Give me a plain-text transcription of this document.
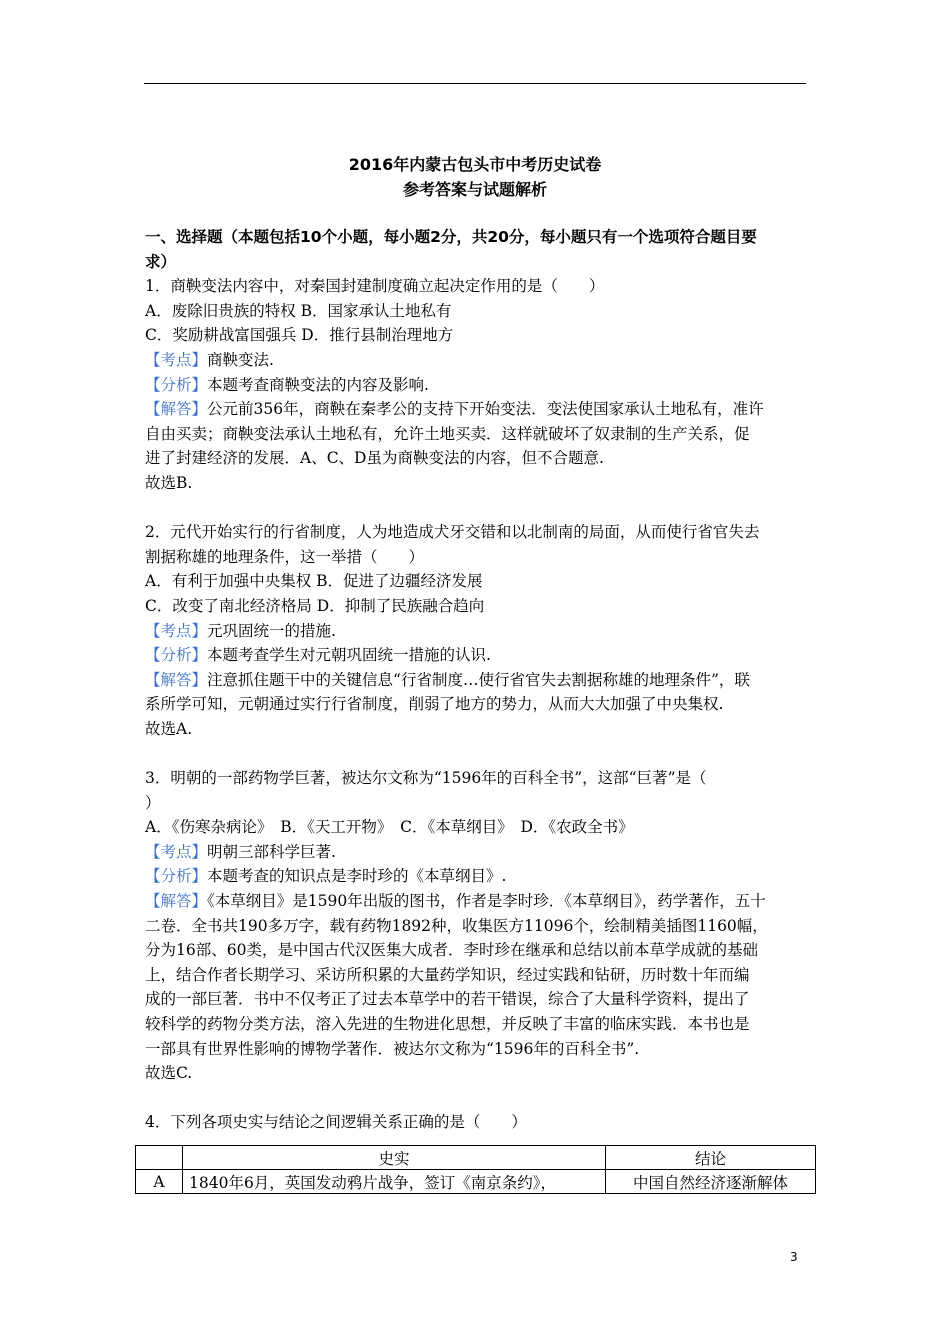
2016年内蒙古包头市中考历史试卷
参考答案与试题解析

一、选择题（本题包括10个小题，每小题2分，共20分，每小题只有一个选项符合题目要

求）

1．商鞅变法内容中，对秦国封建制度确立起决定作用的是（　　）

A．废除旧贵族的特权 B．国家承认土地私有

C．奖励耕战富国强兵 D．推行县制治理地方

【考点】商鞅变法.

【分析】本题考查商鞅变法的内容及影响.

【解答】公元前356年，商鞅在秦孝公的支持下开始变法．变法使国家承认土地私有，准许

自由买卖；商鞅变法承认土地私有，允许土地买卖．这样就破坏了奴隶制的生产关系，促

进了封建经济的发展．A、C、D虽为商鞅变法的内容，但不合题意.

故选B.

2．元代开始实行的行省制度，人为地造成犬牙交错和以北制南的局面，从而使行省官失去

割据称雄的地理条件，这一举措（　　）

A．有利于加强中央集权 B．促进了边疆经济发展

C．改变了南北经济格局 D．抑制了民族融合趋向

【考点】元巩固统一的措施.

【分析】本题考查学生对元朝巩固统一措施的认识.

【解答】注意抓住题干中的关键信息“行省制度…使行省官失去割据称雄的地理条件”，联

系所学可知，元朝通过实行行省制度，削弱了地方的势力，从而大大加强了中央集权.

故选A.

3．明朝的一部药物学巨著，被达尔文称为“1596年的百科全书”，这部“巨著”是（

）

A．《伤寒杂病论》　B．《天工开物》　C．《本草纲目》　D．《农政全书》

【考点】明朝三部科学巨著.

【分析】本题考查的知识点是李时珍的《本草纲目》.

【解答】《本草纲目》是1590年出版的图书，作者是李时珍．《本草纲目》，药学著作，五十

二卷．全书共190多万字，载有药物1892种，收集医方11096个，绘制精美插图1160幅，

分为16部、60类，是中国古代汉医集大成者．李时珍在继承和总结以前本草学成就的基础

上，结合作者长期学习、采访所积累的大量药学知识，经过实践和钻研，历时数十年而编

成的一部巨著．书中不仅考正了过去本草学中的若干错误，综合了大量科学资料，提出了

较科学的药物分类方法，溶入先进的生物进化思想，并反映了丰富的临床实践．本书也是

一部具有世界性影响的博物学著作．被达尔文称为“1596年的百科全书”.

故选C.

4．下列各项史实与结论之间逻辑关系正确的是（　　）

	史实	结论
A	1840年6月，英国发动鸦片战争，签订《南京条约》，	中国自然经济逐渐解体
3
